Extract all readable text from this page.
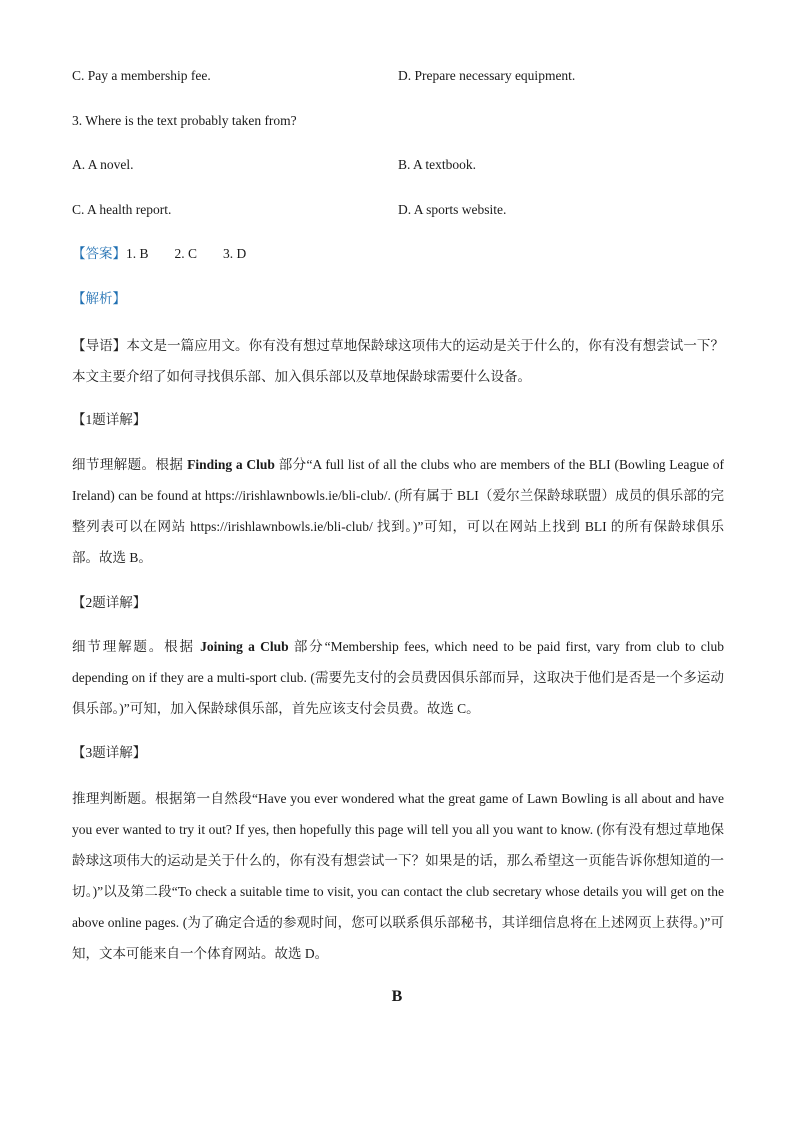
C. Pay a membership fee.	D. Prepare necessary equipment.
3. Where is the text probably taken from?
A. A novel.	B. A textbook.
C. A health report.	D. A sports website.
【答案】1. B 2. C 3. D
【解析】
【导语】本文是一篇应用文。你有没有想过草地保龄球这项伟大的运动是关于什么的，你有没有想尝试一下？本文主要介绍了如何寻找俱乐部、加入俱乐部以及草地保龄球需要什么设备。
【1题详解】
细节理解题。根据 Finding a Club 部分“A full list of all the clubs who are members of the BLI (Bowling League of Ireland) can be found at https://irishlawnbowls.ie/bli-club/. (所有属于 BLI（爱尔兰保龄球联盟）成员的俱乐部的完整列表可以在网站 https://irishlawnbowls.ie/bli-club/ 找到。)”可知，可以在网站上找到 BLI 的所有保龄球俱乐部。故选 B。
【2题详解】
细节理解题。根据 Joining a Club 部分“Membership fees, which need to be paid first, vary from club to club depending on if they are a multi-sport club. (需要先支付的会员费因俱乐部而异，这取决于他们是否是一个多运动俱乐部。)”可知，加入保龄球俱乐部，首先应该支付会员费。故选 C。
【3题详解】
推理判断题。根据第一自然段“Have you ever wondered what the great game of Lawn Bowling is all about and have you ever wanted to try it out? If yes, then hopefully this page will tell you all you want to know. (你有没有想过草地保龄球这项伟大的运动是关于什么的，你有没有想尝试一下？如果是的话，那么希望这一页能告诉你想知道的一切。)”以及第二段“To check a suitable time to visit, you can contact the club secretary whose details you will get on the above online pages. (为了确定合适的参观时间，您可以联系俱乐部秘书，其详细信息将在上述网页上获得。)”可知，文本可能来自一个体育网站。故选 D。
B
